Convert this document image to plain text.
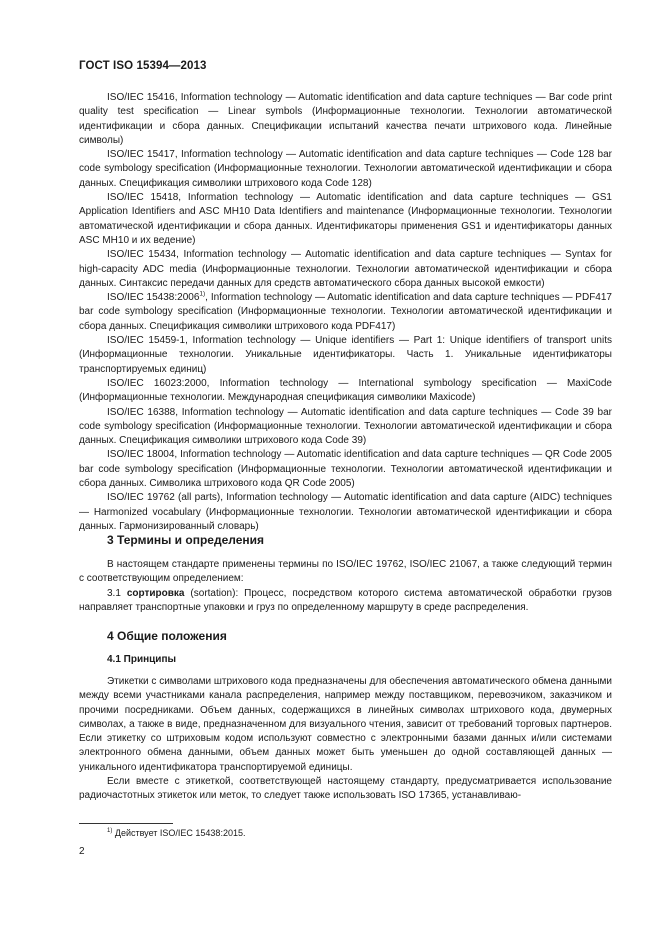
ГОСТ ISO 15394—2013

ISO/IEC 15416, Information technology — Automatic identification and data capture techniques — Bar code print quality test specification — Linear symbols (Информационные технологии. Технологии автоматической идентификации и сбора данных. Спецификации испытаний качества печати штрихового кода. Линейные символы)

ISO/IEC 15417, Information technology — Automatic identification and data capture techniques — Code 128 bar code symbology specification (Информационные технологии. Технологии автоматической идентификации и сбора данных. Спецификация символики штрихового кода Code 128)

ISO/IEC 15418, Information technology — Automatic identification and data capture techniques — GS1 Application Identifiers and ASC MH10 Data Identifiers and maintenance (Информационные технологии. Технологии автоматической идентификации и сбора данных. Идентификаторы применения GS1 и идентификаторы данных ASC MH10 и их ведение)

ISO/IEC 15434, Information technology — Automatic identification and data capture techniques — Syntax for high-capacity ADC media (Информационные технологии. Технологии автоматической идентификации и сбора данных. Синтаксис передачи данных для средств автоматического сбора данных высокой емкости)

ISO/IEC 15438:2006$^{1)}$, Information technology — Automatic identification and data capture techniques — PDF417 bar code symbology specification (Информационные технологии. Технологии автоматической идентификации и сбора данных. Спецификация символики штрихового кода PDF417)

ISO/IEC 15459-1, Information technology — Unique identifiers — Part 1: Unique identifiers of transport units (Информационные технологии. Уникальные идентификаторы. Часть 1. Уникальные идентификаторы транспортируемых единиц)

ISO/IEC 16023:2000, Information technology — International symbology specification — MaxiCode (Информационные технологии. Международная спецификация символики Maxicode)

ISO/IEC 16388, Information technology — Automatic identification and data capture techniques — Code 39 bar code symbology specification (Информационные технологии. Технологии автоматической идентификации и сбора данных. Спецификация символики штрихового кода Code 39)

ISO/IEC 18004, Information technology — Automatic identification and data capture techniques — QR Code 2005 bar code symbology specification (Информационные технологии. Технологии автоматической идентификации и сбора данных. Символика штрихового кода QR Code 2005)

ISO/IEC 19762 (all parts), Information technology — Automatic identification and data capture (AIDC) techniques — Harmonized vocabulary (Информационные технологии. Технологии автоматической идентификации и сбора данных. Гармонизированный словарь)

3 Термины и определения

В настоящем стандарте применены термины по ISO/IEC 19762, ISO/IEC 21067, а также следующий термин с соответствующим определением:

3.1 сортировка (sortation): Процесс, посредством которого система автоматической обработки грузов направляет транспортные упаковки и груз по определенному маршруту в среде распределения.

4 Общие положения
4.1 Принципы

Этикетки с символами штрихового кода предназначены для обеспечения автоматического обмена данными между всеми участниками канала распределения, например между поставщиком, перевозчиком, заказчиком и прочими посредниками. Объем данных, содержащихся в линейных символах штрихового кода, двумерных символах, а также в виде, предназначенном для визуального чтения, зависит от требований торговых партнеров. Если этикетку со штриховым кодом используют совместно с электронными базами данных и/или системами электронного обмена данными, объем данных может быть уменьшен до одной составляющей данных — уникального идентификатора транспортируемой единицы.

Если вместе с этикеткой, соответствующей настоящему стандарту, предусматривается использование радиочастотных этикеток или меток, то следует также использовать ISO 17365, устанавливаю-

$^{1)}$ Действует ISO/IEC 15438:2015.
2
